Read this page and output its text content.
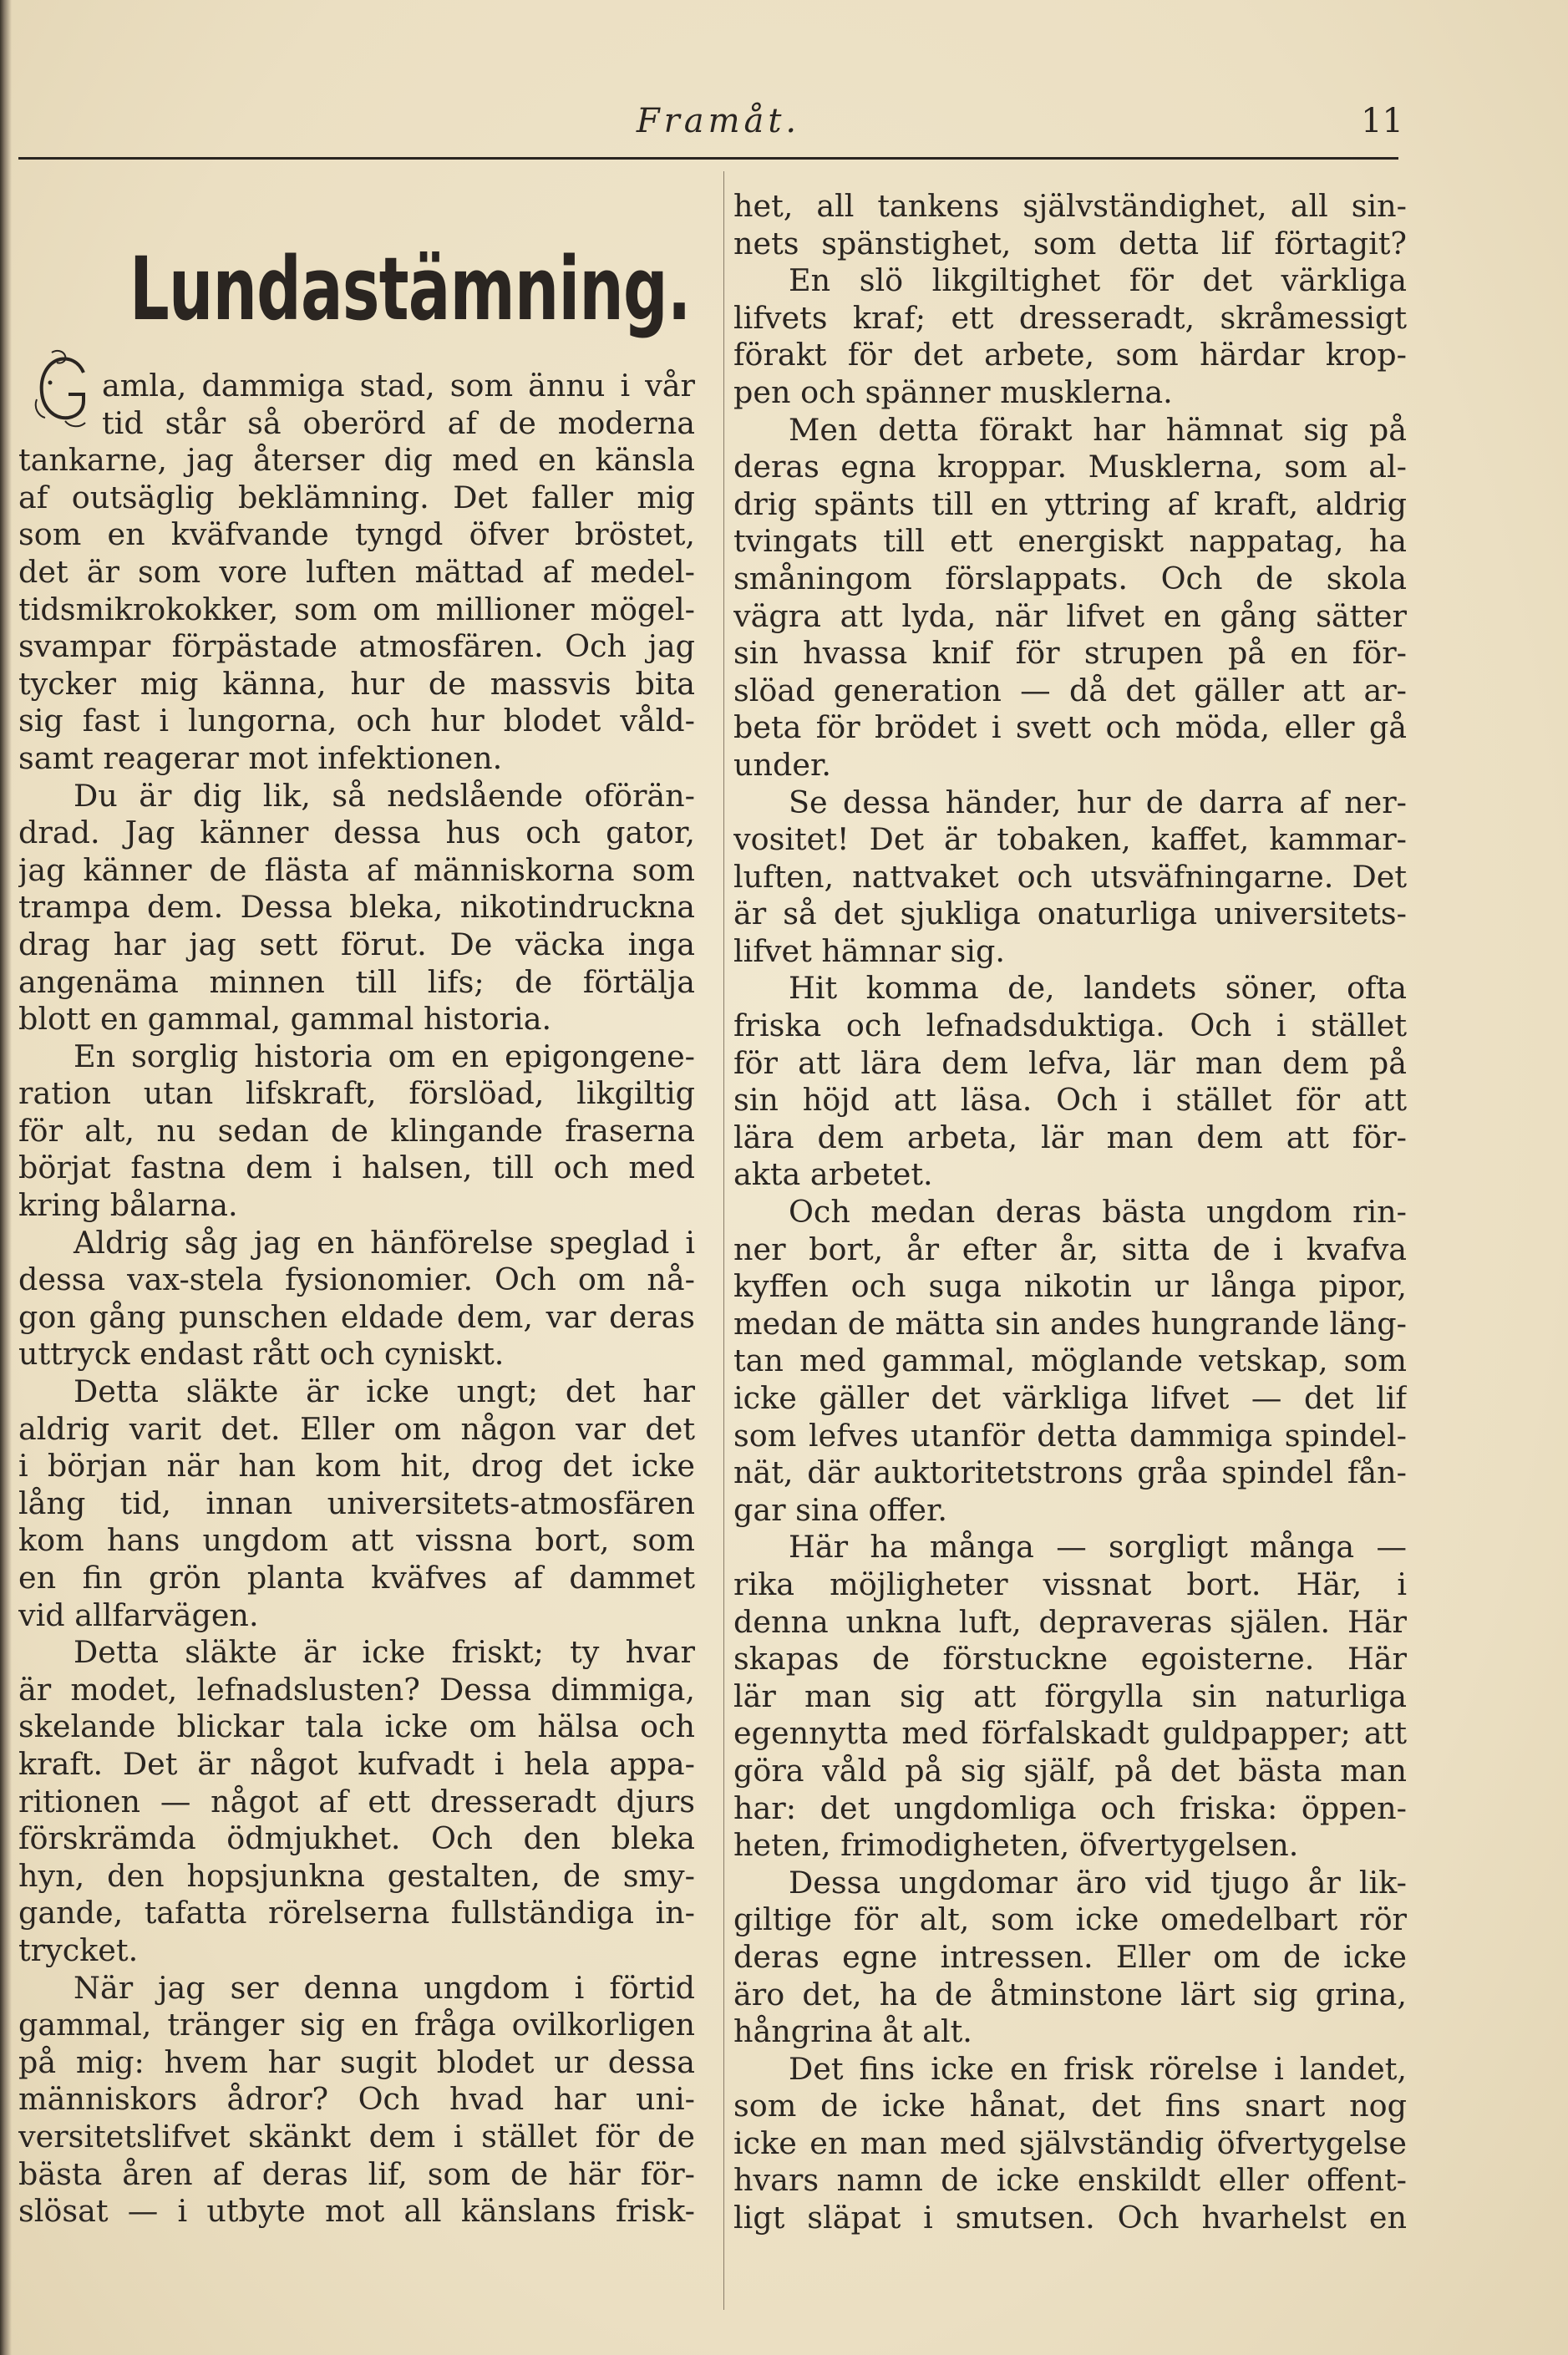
Framåt.	11
Lundastämning.
amla, dammiga stad, som ännu i vår
tid står så oberörd af de moderna
tankarne, jag återser dig med en känsla
af outsäglig beklämning. Det faller mig
som en kväfvande tyngd öfver bröstet,
det är som vore luften mättad af medel-
tidsmikrokokker, som om millioner mögel-
svampar förpästade atmosfären. Och jag
tycker mig känna, hur de massvis bita
sig fast i lungorna, och hur blodet våld-
samt reagerar mot infektionen.
Du är dig lik, så nedslående oförän-
drad. Jag känner dessa hus och gator,
jag känner de flästa af människorna som
trampa dem. Dessa bleka, nikotindruckna
drag har jag sett förut. De väcka inga
angenäma minnen till lifs; de förtälja
blott en gammal, gammal historia.
En sorglig historia om en epigongene-
ration utan lifskraft, förslöad, likgiltig
för alt, nu sedan de klingande fraserna
börjat fastna dem i halsen, till och med
kring bålarna.
Aldrig såg jag en hänförelse speglad i
dessa vax-stela fysionomier. Och om nå-
gon gång punschen eldade dem, var deras
uttryck endast rått och cyniskt.
Detta släkte är icke ungt; det har
aldrig varit det. Eller om någon var det
i början när han kom hit, drog det icke
lång tid, innan universitets-atmosfären
kom hans ungdom att vissna bort, som
en fin grön planta kväfves af dammet
vid allfarvägen.
Detta släkte är icke friskt; ty hvar
är modet, lefnadslusten? Dessa dimmiga,
skelande blickar tala icke om hälsa och
kraft. Det är något kufvadt i hela appa-
ritionen — något af ett dresseradt djurs
förskrämda ödmjukhet. Och den bleka
hyn, den hopsjunkna gestalten, de smy-
gande, tafatta rörelserna fullständiga in-
trycket.
När jag ser denna ungdom i förtid
gammal, tränger sig en fråga ovilkorligen
på mig: hvem har sugit blodet ur dessa
människors ådror? Och hvad har uni-
versitetslifvet skänkt dem i stället för de
bästa åren af deras lif, som de här för-
slösat — i utbyte mot all känslans frisk-
het, all tankens självständighet, all sin-
nets spänstighet, som detta lif förtagit?
En slö likgiltighet för det värkliga
lifvets kraf; ett dresseradt, skråmessigt
förakt för det arbete, som härdar krop-
pen och spänner musklerna.
Men detta förakt har hämnat sig på
deras egna kroppar. Musklerna, som al-
drig spänts till en yttring af kraft, aldrig
tvingats till ett energiskt nappatag, ha
småningom förslappats. Och de skola
vägra att lyda, när lifvet en gång sätter
sin hvassa knif för strupen på en för-
slöad generation — då det gäller att ar-
beta för brödet i svett och möda, eller gå
under.
Se dessa händer, hur de darra af ner-
vositet! Det är tobaken, kaffet, kammar-
luften, nattvaket och utsväfningarne. Det
är så det sjukliga onaturliga universitets-
lifvet hämnar sig.
Hit komma de, landets söner, ofta
friska och lefnadsduktiga. Och i stället
för att lära dem lefva, lär man dem på
sin höjd att läsa. Och i stället för att
lära dem arbeta, lär man dem att för-
akta arbetet.
Och medan deras bästa ungdom rin-
ner bort, år efter år, sitta de i kvafva
kyffen och suga nikotin ur långa pipor,
medan de mätta sin andes hungrande läng-
tan med gammal, möglande vetskap, som
icke gäller det värkliga lifvet — det lif
som lefves utanför detta dammiga spindel-
nät, där auktoritetstrons gråa spindel fån-
gar sina offer.
Här ha många — sorgligt många —
rika möjligheter vissnat bort. Här, i
denna unkna luft, depraveras själen. Här
skapas de förstuckne egoisterne. Här
lär man sig att förgylla sin naturliga
egennytta med förfalskadt guldpapper; att
göra våld på sig själf, på det bästa man
har: det ungdomliga och friska: öppen-
heten, frimodigheten, öfvertygelsen.
Dessa ungdomar äro vid tjugo år lik-
giltige för alt, som icke omedelbart rör
deras egne intressen. Eller om de icke
äro det, ha de åtminstone lärt sig grina,
hångrina åt alt.
Det fins icke en frisk rörelse i landet,
som de icke hånat, det fins snart nog
icke en man med självständig öfvertygelse
hvars namn de icke enskildt eller offent-
ligt släpat i smutsen. Och hvarhelst en
